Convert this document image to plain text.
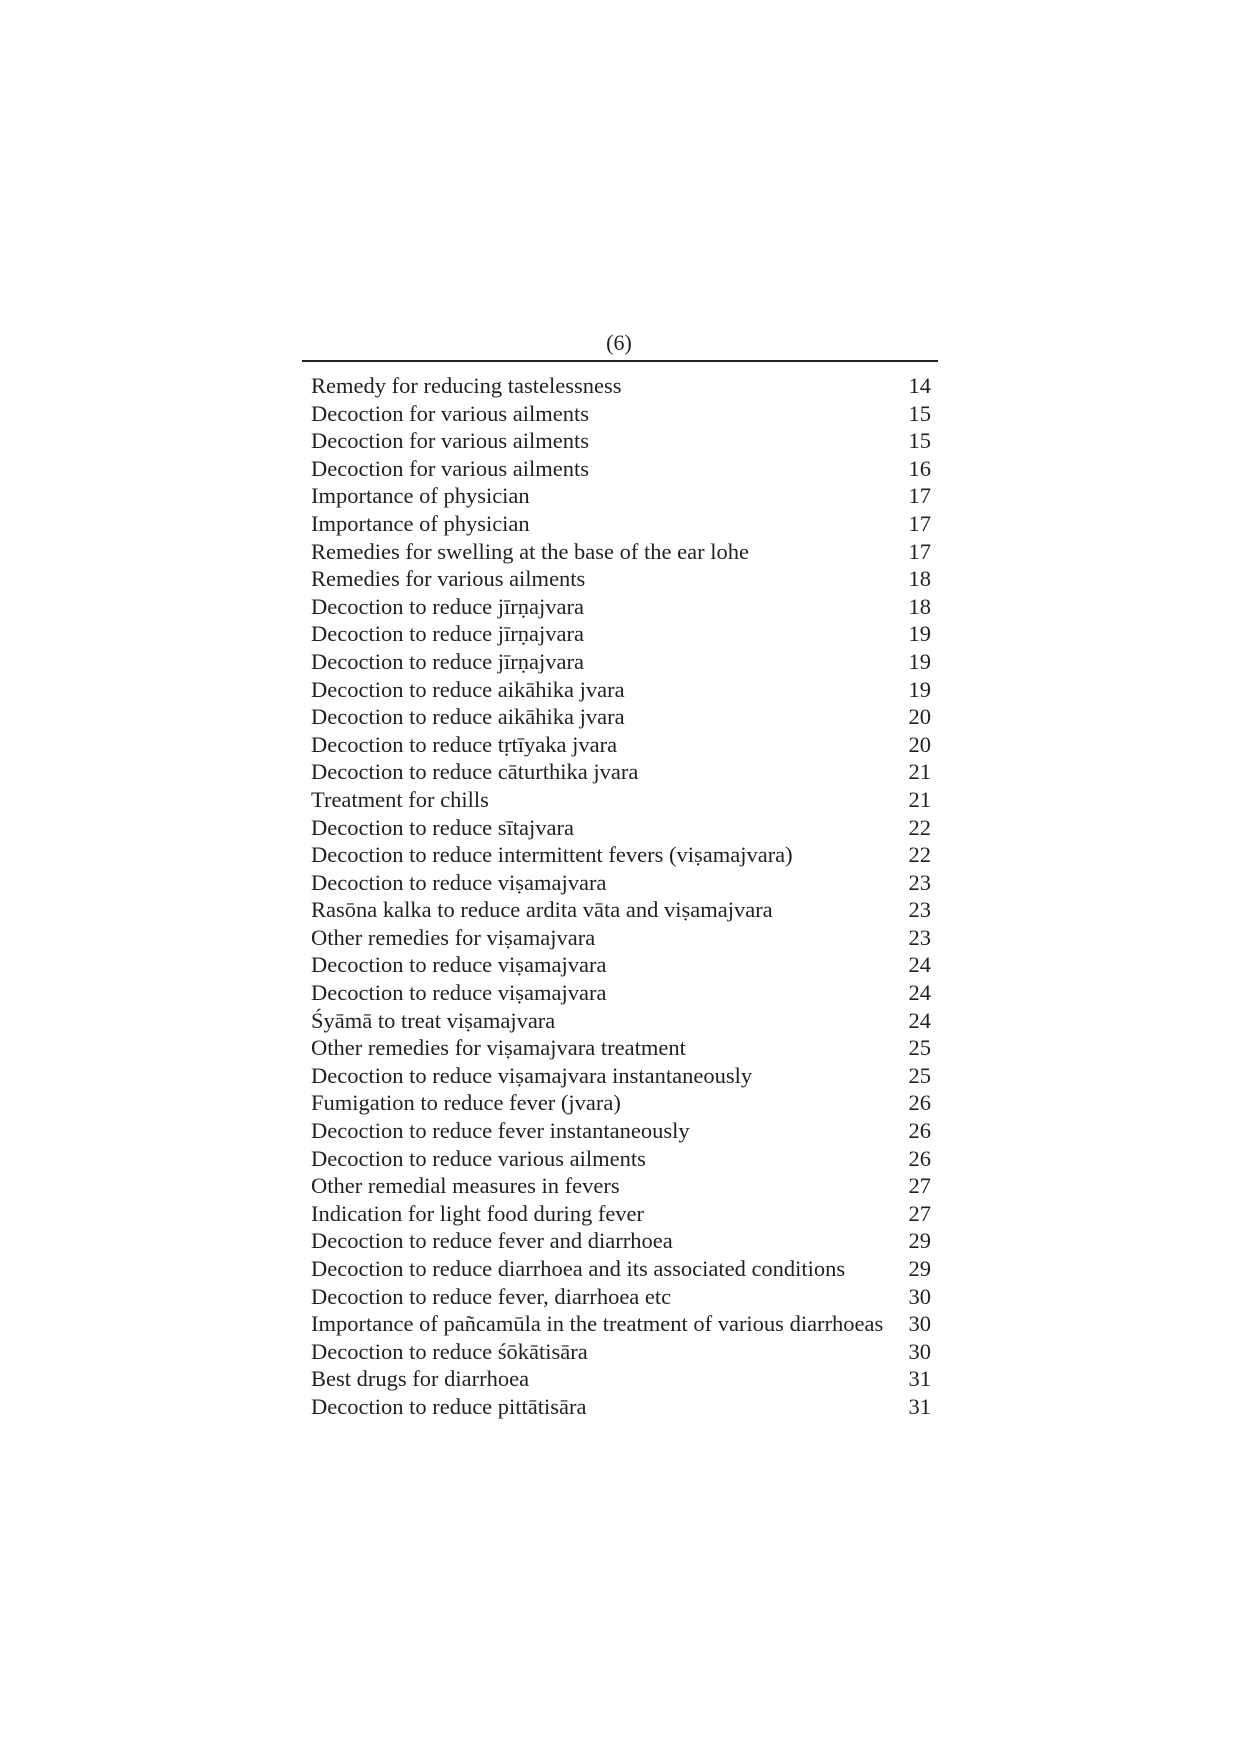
(6)
Remedy for reducing tastelessness	14
Decoction for various ailments	15
Decoction for various ailments	15
Decoction for various ailments	16
Importance of physician	17
Importance of physician	17
Remedies for swelling at the base of the ear lohe	17
Remedies for various ailments	18
Decoction to reduce jīrṇajvara	18
Decoction to reduce jīrṇajvara	19
Decoction to reduce jīrṇajvara	19
Decoction to reduce aikāhika jvara	19
Decoction to reduce aikāhika jvara	20
Decoction to reduce tṛtīyaka jvara	20
Decoction to reduce cāturthika jvara	21
Treatment for chills	21
Decoction to reduce sītajvara	22
Decoction to reduce intermittent fevers (viṣamajvara)	22
Decoction to reduce viṣamajvara	23
Rasōna kalka to reduce ardita vāta and viṣamajvara	23
Other remedies for viṣamajvara	23
Decoction to reduce viṣamajvara	24
Decoction to reduce viṣamajvara	24
Śyāmā to treat viṣamajvara	24
Other remedies for viṣamajvara treatment	25
Decoction to reduce viṣamajvara instantaneously	25
Fumigation to reduce fever (jvara)	26
Decoction to reduce fever instantaneously	26
Decoction to reduce various ailments	26
Other remedial measures in fevers	27
Indication for light food during fever	27
Decoction to reduce fever and diarrhoea	29
Decoction to reduce diarrhoea and its associated conditions	29
Decoction to reduce fever, diarrhoea etc	30
Importance of pañcamūla in the treatment of various diarrhoeas	30
Decoction to reduce śōkātisāra	30
Best drugs for diarrhoea	31
Decoction to reduce pittātisāra	31
